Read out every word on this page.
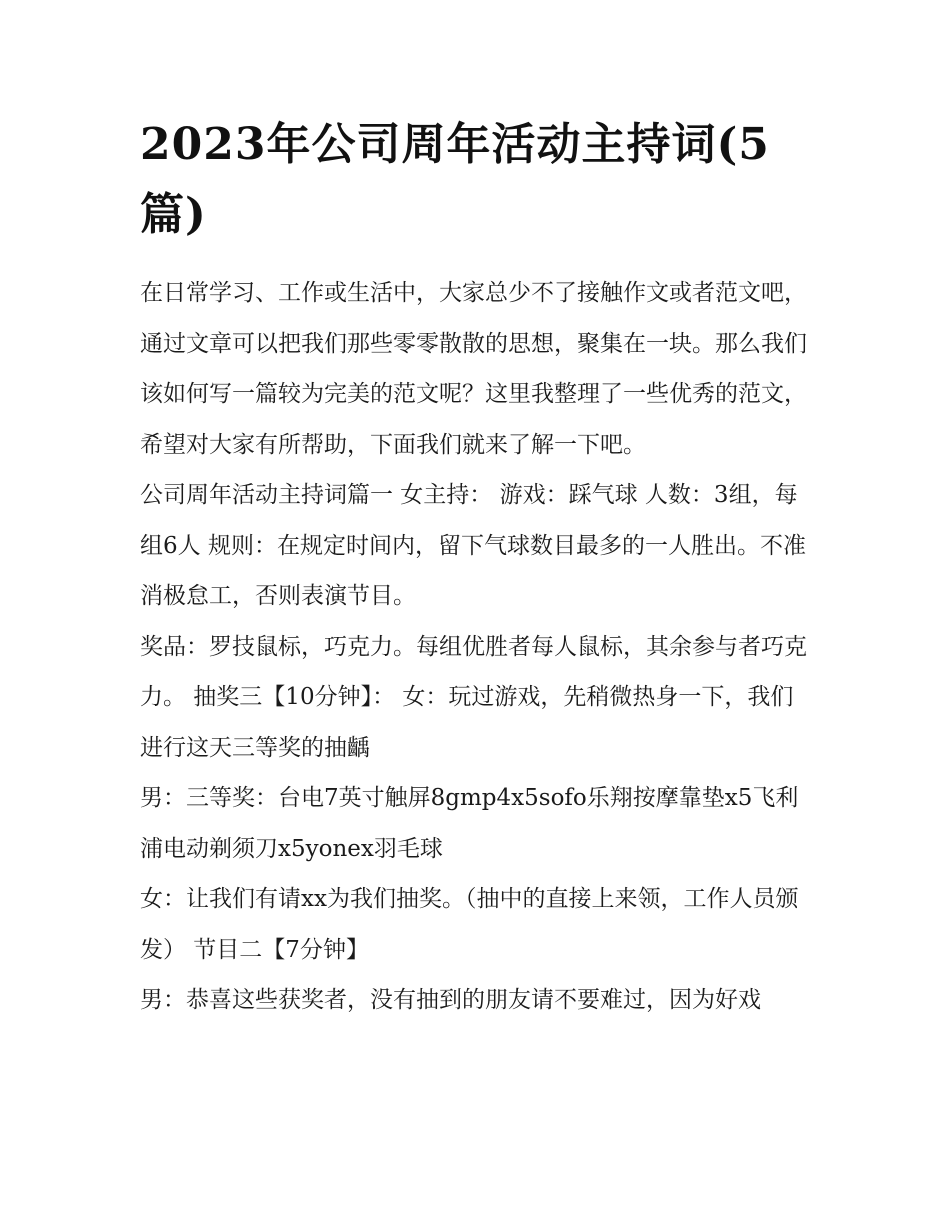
2023年公司周年活动主持词(5篇)

在日常学习、工作或生活中，大家总少不了接触作文或者范文吧，通过文章可以把我们那些零零散散的思想，聚集在一块。那么我们该如何写一篇较为完美的范文呢？这里我整理了一些优秀的范文，希望对大家有所帮助，下面我们就来了解一下吧。

公司周年活动主持词篇一 女主持： 游戏：踩气球 人数：3组，每组6人 规则：在规定时间内，留下气球数目最多的一人胜出。不准消极怠工，否则表演节目。

奖品：罗技鼠标，巧克力。每组优胜者每人鼠标，其余参与者巧克力。 抽奖三【10分钟】： 女：玩过游戏，先稍微热身一下，我们进行这天三等奖的抽齲

男：三等奖：台电7英寸触屏8gmp4x5sofo乐翔按摩靠垫x5飞利浦电动剃须刀x5yonex羽毛球

女：让我们有请xx为我们抽奖。（抽中的直接上来领，工作人员颁发） 节目二【7分钟】

男：恭喜这些获奖者，没有抽到的朋友请不要难过，因为好戏
